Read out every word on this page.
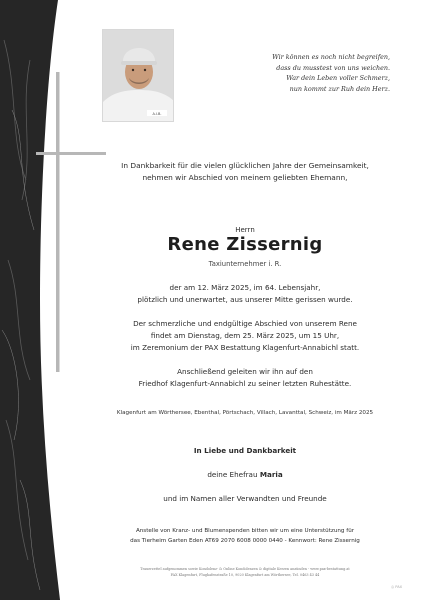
A.I.B.
Wir können es noch nicht begreifen,
dass du musstest von uns weichen.
War dein Leben voller Schmerz,
nun kommt zur Ruh dein Herz.
In Dankbarkeit für die vielen glücklichen Jahre der Gemeinsamkeit,
nehmen wir Abschied von meinem geliebten Ehemann,
Herrn
Rene Zissernig
Taxiunternehmer i. R.
der am 12. März 2025, im 64. Lebensjahr,
plötzlich und unerwartet, aus unserer Mitte gerissen wurde.
Der schmerzliche und endgültige Abschied von unserem Rene
findet am Dienstag, dem 25. März 2025, um 15 Uhr,
im Zeremonium der PAX Bestattung Klagenfurt-Annabichl statt.
Anschließend geleiten wir ihn auf den
Friedhof Klagenfurt-Annabichl zu seiner letzten Ruhestätte.
Klagenfurt am Wörthersee, Ebenthal, Pörtschach, Villach, Lavanttal, Schweiz, im März 2025
In Liebe und Dankbarkeit
deine Ehefrau Maria
und im Namen aller Verwandten und Freunde
Anstelle von Kranz- und Blumenspenden bitten wir um eine Unterstützung für
das Tierheim Garten Eden AT69 2070 6008 0000 0440 - Kennwort: Rene Zissernig
Trauerzettel aufgenommen sowie Kondolenz- & Online Kondolenzen & digitale Kerzen anzünden - www.pax-bestattung.at
PAX Klagenfurt, Flughafenstraße 10, 9020 Klagenfurt am Wörthersee, Tel. 0463 43 44
◎ PAX
